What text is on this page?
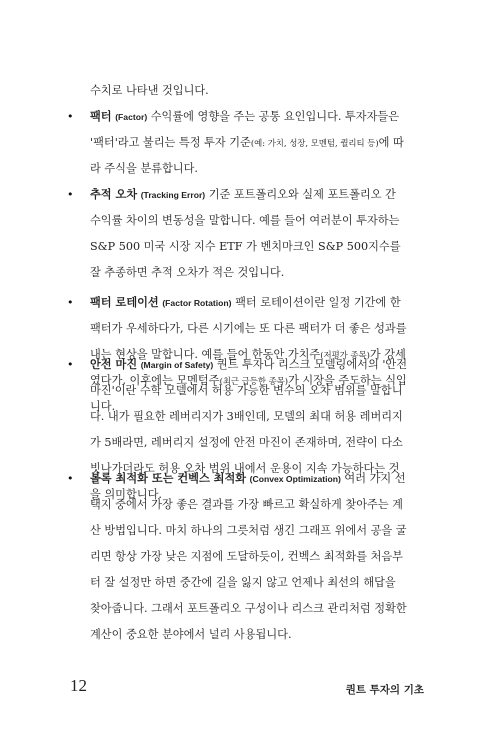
수치로 나타낸 것입니다.

• 팩터 (Factor) 수익률에 영향을 주는 공통 요인입니다. 투자자들은 '팩터'라고 불리는 특정 투자 기준(예: 가치, 성장, 모멘텀, 퀄리티 등)에 따라 주식을 분류합니다.
• 추적 오차 (Tracking Error) 기준 포트폴리오와 실제 포트폴리오 간 수익률 차이의 변동성을 말합니다. 예를 들어 여러분이 투자하는 S&P 500 미국 시장 지수 ETF 가 벤치마크인 S&P 500지수를 잘 추종하면 추적 오차가 적은 것입니다.
• 팩터 로테이션 (Factor Rotation) 팩터 로테이션이란 일정 기간에 한 팩터가 우세하다가, 다른 시기에는 또 다른 팩터가 더 좋은 성과를 내는 현상을 말합니다. 예를 들어 한동안 가치주(저평가 종목)가 강세였다가, 이후에는 모멘텀주(최근 급등한 종목)가 시장을 주도하는 식입니다.
• 안전 마진 (Margin of Safety) 퀀트 투자나 리스크 모델링에서의 '안전 마진'이란 수학 모델에서 허용 가능한 변수의 오차 범위를 말합니다. 내가 필요한 레버리지가 3배인데, 모델의 최대 허용 레버리지가 5배라면, 레버리지 설정에 안전 마진이 존재하며, 전략이 다소 빗나가더라도 허용 오차 범위 내에서 운용이 지속 가능하다는 것을 의미합니다.
• 볼록 최적화 또는 컨벡스 최적화 (Convex Optimization) 여러 가지 선택지 중에서 가장 좋은 결과를 가장 빠르고 확실하게 찾아주는 계산 방법입니다. 마치 하나의 그릇처럼 생긴 그래프 위에서 공을 굴리면 항상 가장 낮은 지점에 도달하듯이, 컨벡스 최적화를 처음부터 잘 설정만 하면 중간에 길을 잃지 않고 언제나 최선의 해답을 찾아줍니다. 그래서 포트폴리오 구성이나 리스크 관리처럼 정확한 계산이 중요한 분야에서 널리 사용됩니다.
12	퀀트 투자의 기초
